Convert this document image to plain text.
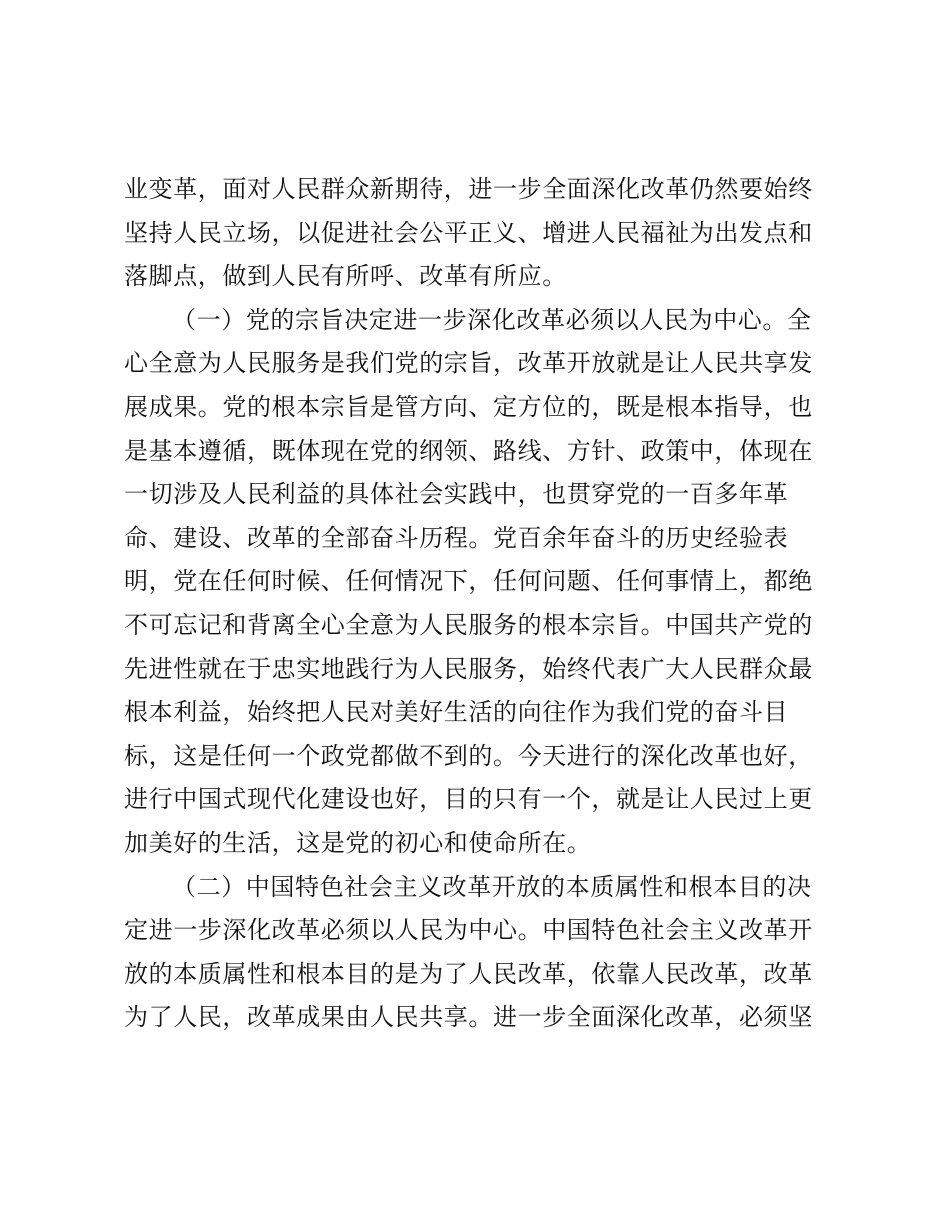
业变革，面对人民群众新期待，进一步全面深化改革仍然要始终
坚持人民立场，以促进社会公平正义、增进人民福祉为出发点和
落脚点，做到人民有所呼、改革有所应。
（一）党的宗旨决定进一步深化改革必须以人民为中心。全
心全意为人民服务是我们党的宗旨，改革开放就是让人民共享发
展成果。党的根本宗旨是管方向、定方位的，既是根本指导，也
是基本遵循，既体现在党的纲领、路线、方针、政策中，体现在
一切涉及人民利益的具体社会实践中，也贯穿党的一百多年革
命、建设、改革的全部奋斗历程。党百余年奋斗的历史经验表
明，党在任何时候、任何情况下，任何问题、任何事情上，都绝
不可忘记和背离全心全意为人民服务的根本宗旨。中国共产党的
先进性就在于忠实地践行为人民服务，始终代表广大人民群众最
根本利益，始终把人民对美好生活的向往作为我们党的奋斗目
标，这是任何一个政党都做不到的。今天进行的深化改革也好，
进行中国式现代化建设也好，目的只有一个，就是让人民过上更
加美好的生活，这是党的初心和使命所在。
（二）中国特色社会主义改革开放的本质属性和根本目的决
定进一步深化改革必须以人民为中心。中国特色社会主义改革开
放的本质属性和根本目的是为了人民改革，依靠人民改革，改革
为了人民，改革成果由人民共享。进一步全面深化改革，必须坚
